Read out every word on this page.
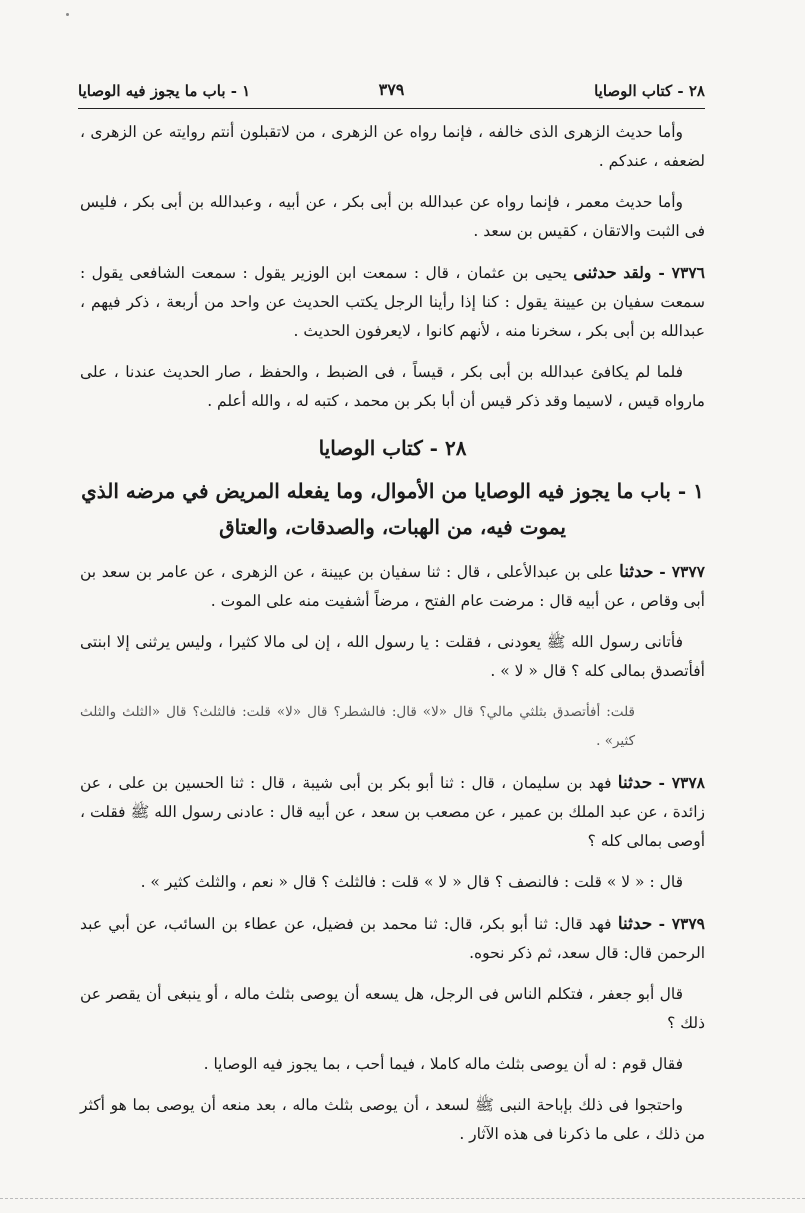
٢٨ - كتاب الوصايا
٣٧٩
١ - باب ما يجوز فيه الوصايا

وأما حديث الزهرى الذى خالفه ، فإنما رواه عن الزهرى ، من لاتقبلون أنتم روايته عن الزهرى ، لضعفه ، عندكم .

وأما حديث معمر ، فإنما رواه عن عبدالله بن أبى بكر ، عن أبيه ، وعبدالله بن أبى بكر ، فليس فى الثبت والاتقان ، كقيس بن سعد .

٧٣٧٦ - ولقد حدثنى يحيى بن عثمان ، قال : سمعت ابن الوزير يقول : سمعت الشافعى يقول : سمعت سفيان بن عيينة يقول : كنا إذا رأينا الرجل يكتب الحديث عن واحد من أربعة ، ذكر فيهم ، عبدالله بن أبى بكر ، سخرنا منه ، لأنهم كانوا ، لايعرفون الحديث .

فلما لم يكافئ عبدالله بن أبى بكر ، قيساً ، فى الضبط ، والحفظ ، صار الحديث عندنا ، على مارواه قيس ، لاسيما وقد ذكر قيس أن أبا بكر بن محمد ، كتبه له ، والله أعلم .

٢٨ - كتاب الوصايا
١ - باب ما يجوز فيه الوصايا من الأموال، وما يفعله المريض في مرضه الذي
يموت فيه، من الهبات، والصدقات، والعتاق

٧٣٧٧ - حدثنا على بن عبدالأعلى ، قال : ثنا سفيان بن عيينة ، عن الزهرى ، عن عامر بن سعد بن أبى وقاص ، عن أبيه قال : مرضت عام الفتح ، مرضاً أشفيت منه على الموت .

فأتانى رسول الله ﷺ يعودنى ، فقلت : يا رسول الله ، إن لى مالا كثيرا ، وليس يرثنى إلا ابنتى أفأتصدق بمالى كله ؟ قال « لا » .

قلت: أفأتصدق بثلثي مالي؟ قال «لا» قال: فالشطر؟ قال «لا» قلت: فالثلث؟ قال «الثلث والثلث كثير» .

٧٣٧٨ - حدثنا فهد بن سليمان ، قال : ثنا أبو بكر بن أبى شيبة ، قال : ثنا الحسين بن على ، عن زائدة ، عن عبد الملك بن عمير ، عن مصعب بن سعد ، عن أبيه قال : عادنى رسول الله ﷺ فقلت ، أوصى بمالى كله ؟

قال : « لا » قلت : فالنصف ؟ قال « لا » قلت : فالثلث ؟ قال « نعم ، والثلث كثير » .

٧٣٧٩ - حدثنا فهد قال: ثنا أبو بكر، قال: ثنا محمد بن فضيل، عن عطاء بن السائب، عن أبي عبد الرحمن قال: قال سعد، ثم ذكر نحوه.

قال أبو جعفر ، فتكلم الناس فى الرجل، هل يسعه أن يوصى بثلث ماله ، أو ينبغى أن يقصر عن ذلك ؟

فقال قوم : له أن يوصى بثلث ماله كاملا ، فيما أحب ، بما يجوز فيه الوصايا .

واحتجوا فى ذلك بإباحة النبى ﷺ لسعد ، أن يوصى بثلث ماله ، بعد منعه أن يوصى بما هو أكثر من ذلك ، على ما ذكرنا فى هذه الآثار .
